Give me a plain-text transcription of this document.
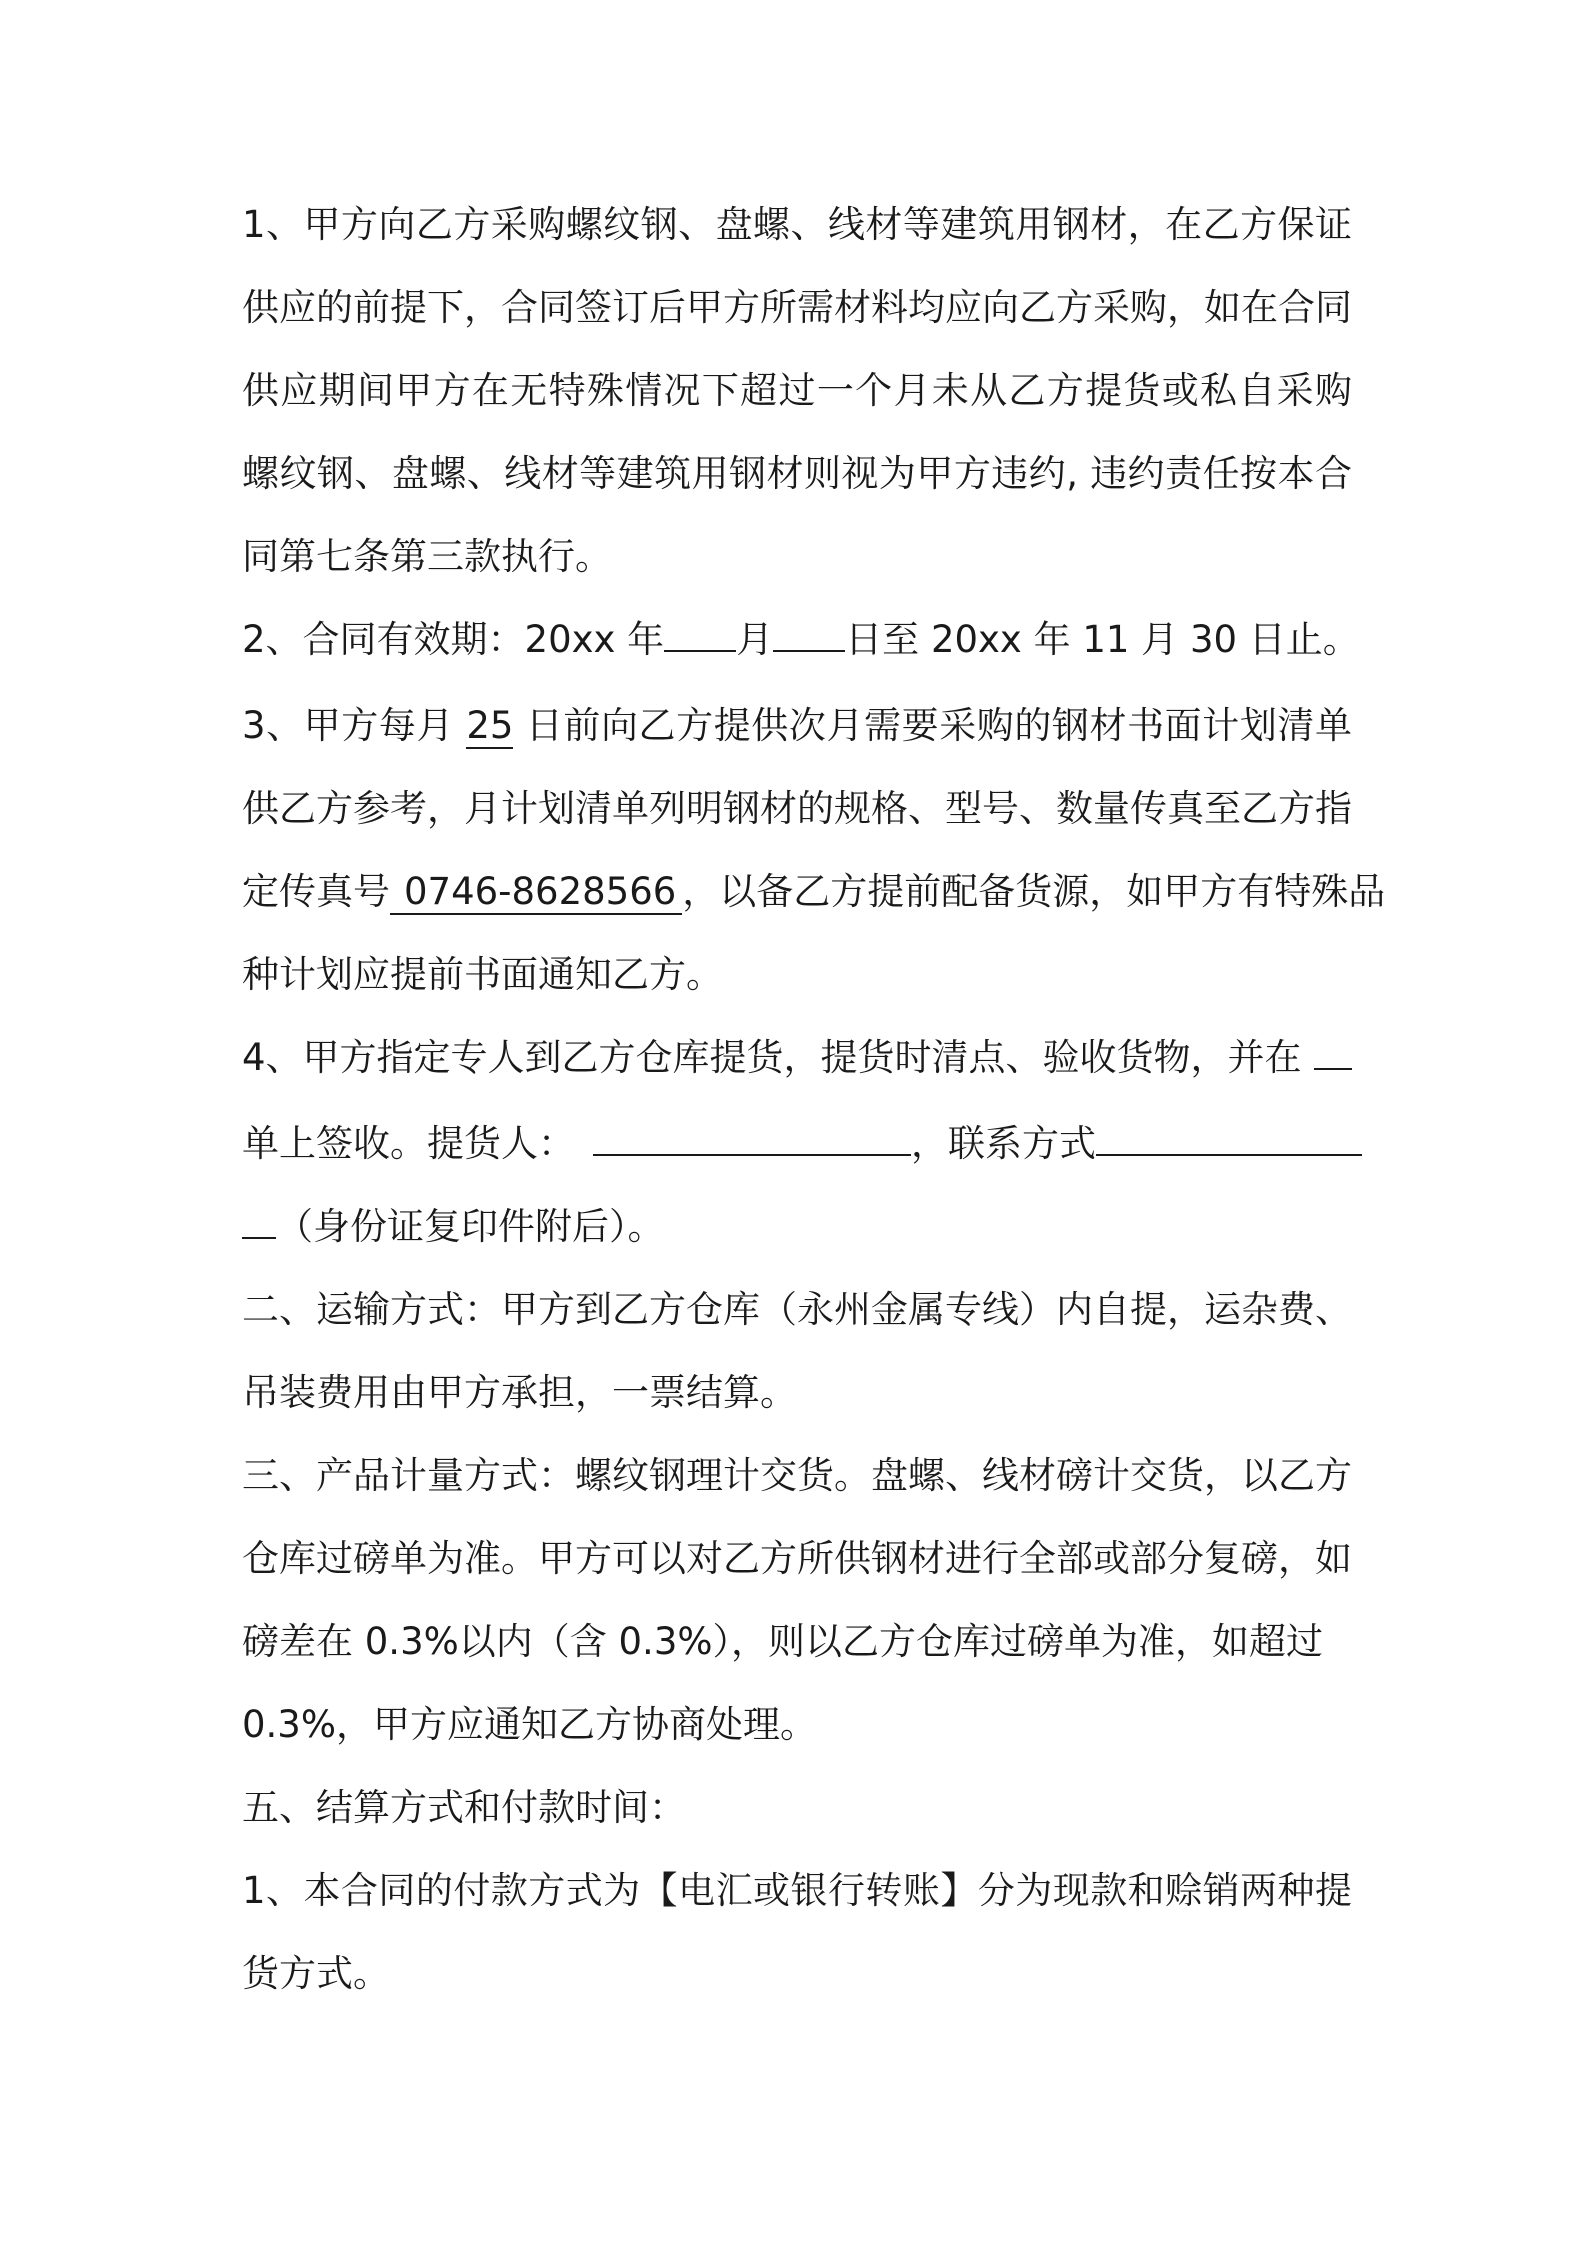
1、甲方向乙方采购螺纹钢、盘螺、线材等建筑用钢材，在乙方保证
供应的前提下，合同签订后甲方所需材料均应向乙方采购，如在合同
供应期间甲方在无特殊情况下超过一个月未从乙方提货或私自采购
螺纹钢、盘螺、线材等建筑用钢材则视为甲方违约, 违约责任按本合
同第七条第三款执行。
2、合同有效期：20xx 年 月 日至 20xx 年 11 月 30 日止。
3、甲方每月 25 日前向乙方提供次月需要采购的钢材书面计划清单
供乙方参考，月计划清单列明钢材的规格、型号、数量传真至乙方指
定传真号 0746-8628566 ，以备乙方提前配备货源，如甲方有特殊品
种计划应提前书面通知乙方。
4、甲方指定专人到乙方仓库提货，提货时清点、验收货物，并在
单上签收。提货人：	，联系方式
（身份证复印件附后）。
二、运输方式：甲方到乙方仓库（永州金属专线）内自提，运杂费、
吊装费用由甲方承担，一票结算。
三、产品计量方式：螺纹钢理计交货。盘螺、线材磅计交货，以乙方
仓库过磅单为准。甲方可以对乙方所供钢材进行全部或部分复磅，如
磅差在 0.3%以内（含 0.3%），则以乙方仓库过磅单为准，如超过
0.3%，甲方应通知乙方协商处理。
五、结算方式和付款时间：
1、本合同的付款方式为【电汇或银行转账】分为现款和赊销两种提
货方式。
